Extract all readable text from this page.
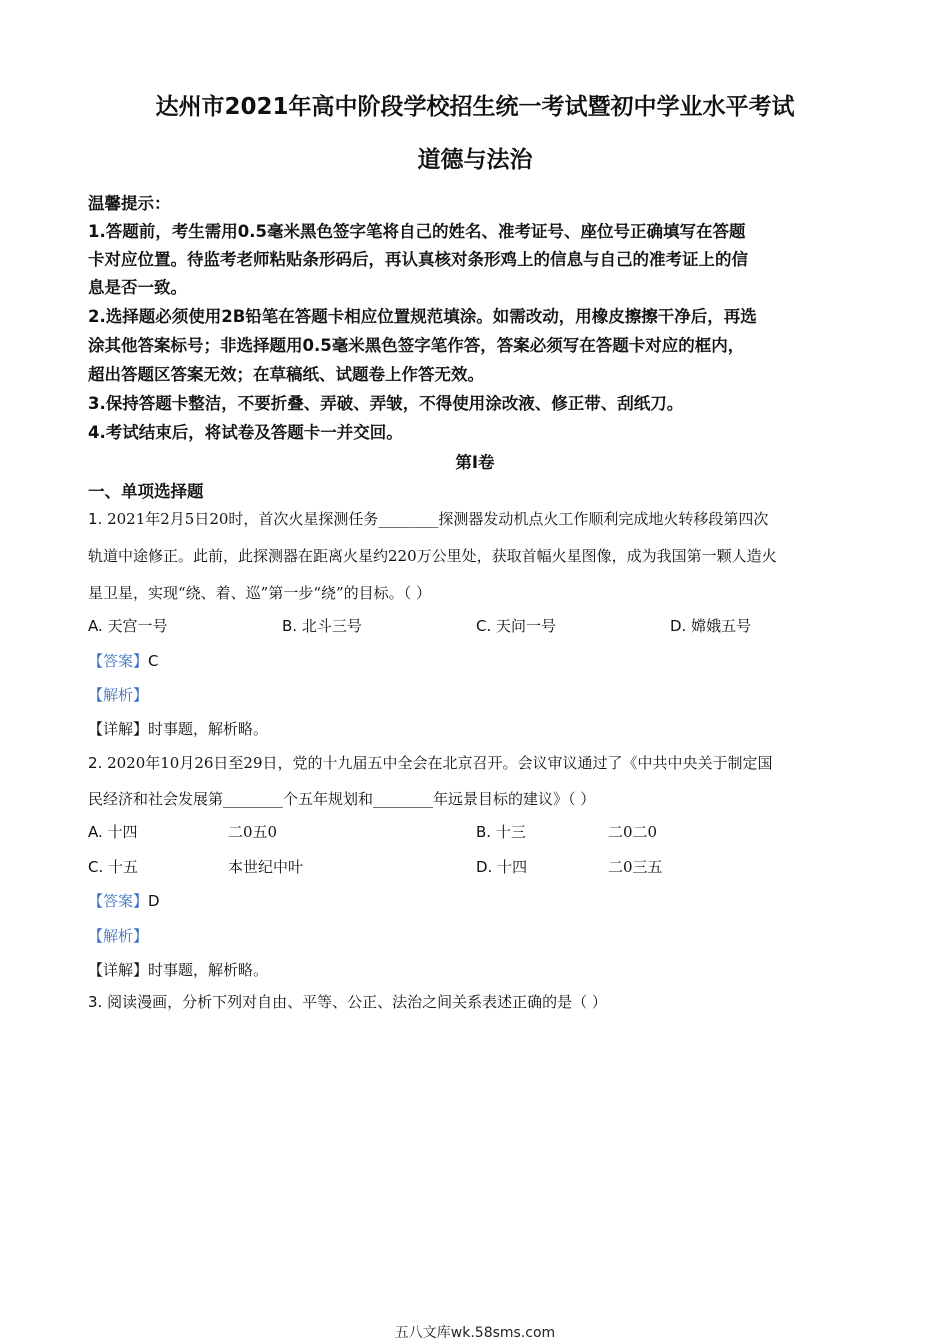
达州市2021年高中阶段学校招生统一考试暨初中学业水平考试
道德与法治
温馨提示：
1.答题前，考生需用0.5毫米黑色签字笔将自己的姓名、准考证号、座位号正确填写在答题
卡对应位置。待监考老师粘贴条形码后，再认真核对条形鸡上的信息与自己的准考证上的信
息是否一致。
2.选择题必须使用2B铅笔在答题卡相应位置规范填涂。如需改动，用橡皮擦擦干净后，再选
涂其他答案标号；非选择题用0.5毫米黑色签字笔作答，答案必须写在答题卡对应的框内，
超出答题区答案无效；在草稿纸、试题卷上作答无效。
3.保持答题卡整洁，不要折叠、弄破、弄皱，不得使用涂改液、修正带、刮纸刀。
4.考试结束后，将试卷及答题卡一并交回。
第Ⅰ卷
一、单项选择题
1. 2021年2月5日20时，首次火星探测任务________探测器发动机点火工作顺利完成地火转移段第四次
轨道中途修正。此前，此探测器在距离火星约220万公里处，获取首幅火星图像，成为我国第一颗人造火
星卫星，实现“绕、着、巡”第一步“绕”的目标。（ ）
A. 天宫一号	B. 北斗三号	C. 天问一号	D. 嫦娥五号
【答案】C
【解析】
【详解】时事题，解析略。
2. 2020年10月26日至29日，党的十九届五中全会在北京召开。会议审议通过了《中共中央关于制定国
民经济和社会发展第________个五年规划和________年远景目标的建议》（ ）
A. 十四	二0五0	B. 十三	二0二0
C. 十五	本世纪中叶	D. 十四	二0三五
【答案】D
【解析】
【详解】时事题，解析略。
3. 阅读漫画，分析下列对自由、平等、公正、法治之间关系表述正确的是（ ）
五八文库wk.58sms.com
